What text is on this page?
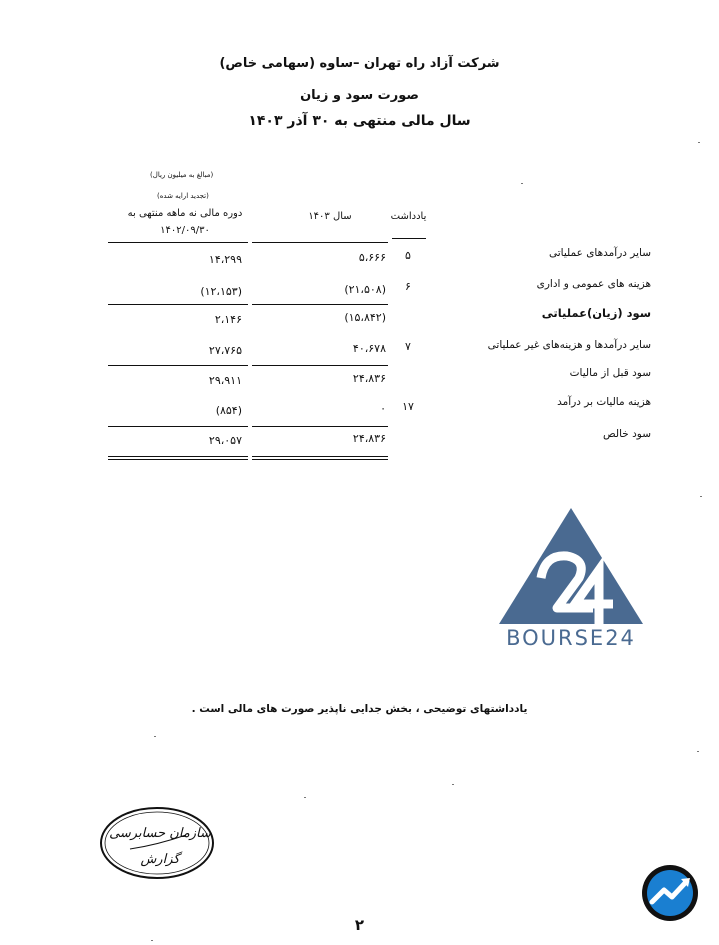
شرکت آزاد راه تهران –ساوه (سهامی خاص)
صورت سود و زیان
سال مالی منتهی به ۳۰ آذر ۱۴۰۳
(مبالغ به میلیون ریال)
(تجدید ارایه شده)
دوره مالی نه ماهه منتهی به
۱۴۰۲/۰۹/۳۰
سال ۱۴۰۳	یادداشت
سایر درآمدهای عملیاتی
۵
۵،۶۶۶
۱۴،۲۹۹
هزینه های عمومی و اداری
۶
(۲۱،۵۰۸)
(۱۲،۱۵۳)
سود (زیان)عملیاتی
(۱۵،۸۴۲)
۲،۱۴۶
سایر درآمدها و هزینه‌های غیر عملیاتی
۷
۴۰،۶۷۸
۲۷،۷۶۵
سود قبل از مالیات
۲۴،۸۳۶
۲۹،۹۱۱
هزینه مالیات بر درآمد
۱۷
۰
(۸۵۴)
سود خالص
۲۴،۸۳۶
۲۹،۰۵۷
BOURSE24
یادداشتهای توضیحی ، بخش جدایی ناپذیر صورت های مالی است .
سازمان حسابرسی
گزارش
۲
